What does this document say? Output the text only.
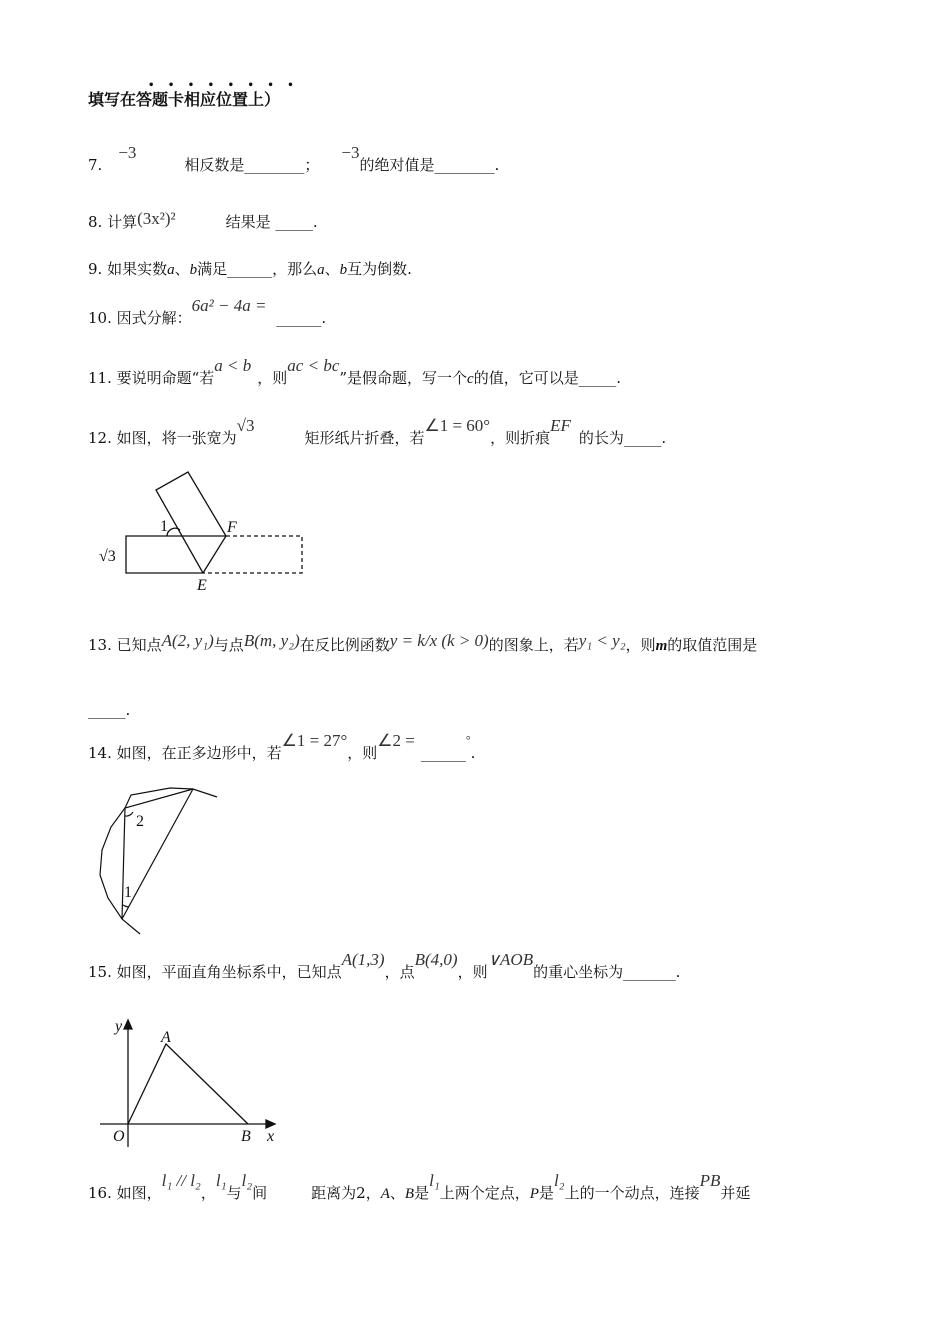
••••••••
填写在答题卡相应位置上）
7.−3相反数是________；−3的绝对值是________.
8. 计算(3x²)²	结果是 _____.
9. 如果实数a、b满足______，那么a、b互为倒数.
10. 因式分解：6a² − 4a =______.
11. 要说明命题“若a < b，则ac < bc”是假命题，写一个c的值，它可以是_____.
12. 如图，将一张宽为√3矩形纸片折叠，若∠1 = 60°，则折痕EF的长为_____.
13. 已知点A(2, y₁)与点B(m, y₂)在反比例函数y = k/x (k > 0)的图象上，若y₁ < y₂，则m的取值范围是
_____.
14. 如图，在正多边形中，若∠1 = 27°，则∠2 =______°.
15. 如图，平面直角坐标系中，已知点A(1,3)，点B(4,0)，则∨AOB的重心坐标为_______.
16. 如图，l₁ // l₂，l₁与l₂间	距离为2，A、B是l₁上两个定点，P是l₂上的一个动点，连接PB并延
1	F
√3
E
2
1
y
A
O	B x
